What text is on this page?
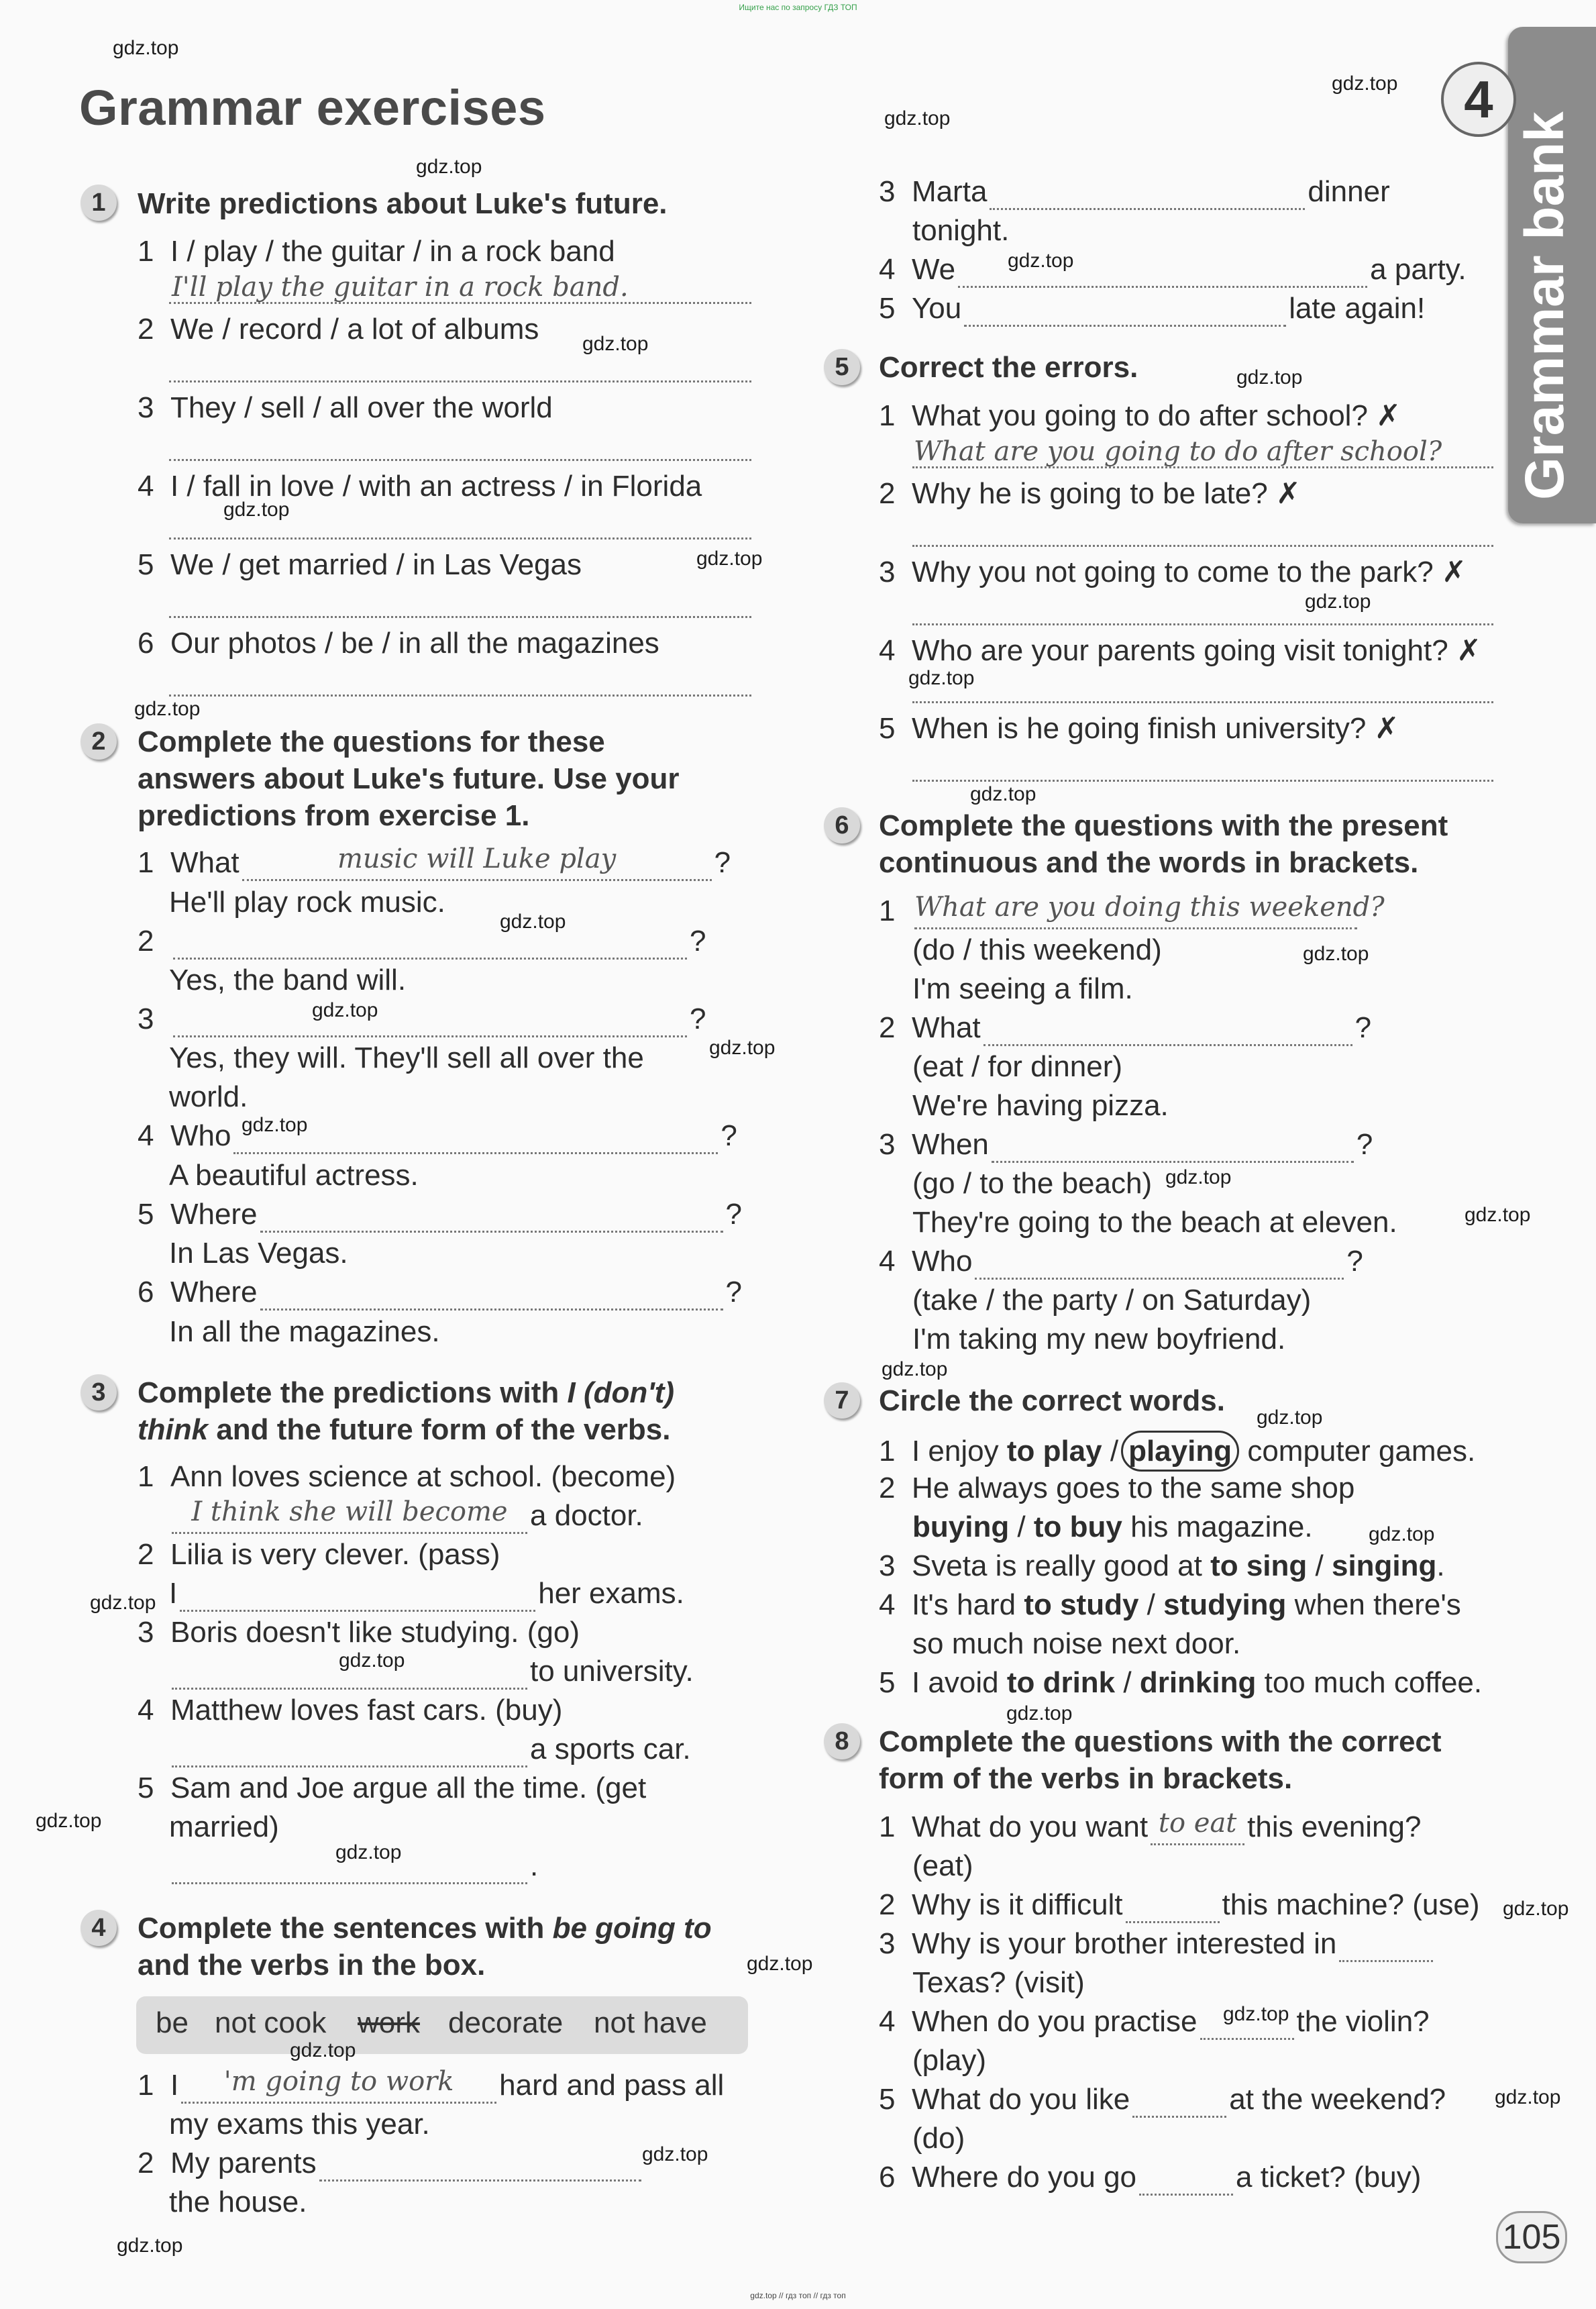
Ищите нас по запросу ГДЗ ТОП
Grammar bank
4
Grammar exercises
1	Write predictions about Luke's future.
1 I / play / the guitar / in a rock band
I'll play the guitar in a rock band.
2 We / record / a lot of albums
3 They / sell / all over the world
4 I / fall in love / with an actress / in Florida
5 We / get married / in Las Vegas
6 Our photos / be / in all the magazines
2	Complete the questions for these
answers about Luke's future. Use your
predictions from exercise 1.
1 What	music will Luke play	?
He'll play rock music.
2	?
Yes, the band will.
3	?
Yes, they will. They'll sell all over the
world.
4 Who	?
A beautiful actress.
5 Where	?
In Las Vegas.
6 Where	?
In all the magazines.
3	Complete the predictions with I (don't)
think and the future form of the verbs.
1 Ann loves science at school. (become)
I think she will become a doctor.
2 Lilia is very clever. (pass)
I	her exams.
3 Boris doesn't like studying. (go)
to university.
4 Matthew loves fast cars. (buy)
a sports car.
5 Sam and Joe argue all the time. (get
married)
.
4	Complete the sentences with be going to
and the verbs in the box.
be not cook work decorate not have
1 I	'm going to work	hard and pass all
my exams this year.
2 My parents
the house.
3 Marta	dinner
tonight.
4 We	a party.
5 You	late again!
5	Correct the errors.
1 What you going to do after school? ✗
What are you going to do after school?
2 Why he is going to be late? ✗
3 Why you not going to come to the park? ✗
4 Who are your parents going visit tonight? ✗
5 When is he going finish university? ✗
6	Complete the questions with the present
continuous and the words in brackets.
1 What are you doing this weekend?
(do / this weekend)
I'm seeing a film.
2 What	?
(eat / for dinner)
We're having pizza.
3 When	?
(go / to the beach)
They're going to the beach at eleven.
4 Who	?
(take / the party / on Saturday)
I'm taking my new boyfriend.
7	Circle the correct words.
1 I enjoy to play / playing computer games.
2 He always goes to the same shop
buying / to buy his magazine.
3 Sveta is really good at to sing / singing.
4 It's hard to study / studying when there's
so much noise next door.
5 I avoid to drink / drinking too much coffee.
8	Complete the questions with the correct
form of the verbs in brackets.
1 What do you want to eat this evening?
(eat)
2 Why is it difficult	this machine? (use)
3 Why is your brother interested in
Texas? (visit)
4 When do you practise	the violin?
(play)
5 What do you like	at the weekend?
(do)
6 Where do you go	a ticket? (buy)
105
gdz.top
gdz.top
gdz.top
gdz.top
gdz.top
gdz.top
gdz.top
gdz.top
gdz.top
gdz.top
gdz.top
gdz.top
gdz.top
gdz.top
gdz.top
gdz.top
gdz.top
gdz.top
gdz.top
gdz.top
gdz.top
gdz.top
gdz.top
gdz.top
gdz.top
gdz.top
gdz.top
gdz.top
gdz.top
gdz.top
gdz.top
gdz.top
gdz.top
gdz.top
gdz.top
gdz.top // гдз топ // гдз топ
